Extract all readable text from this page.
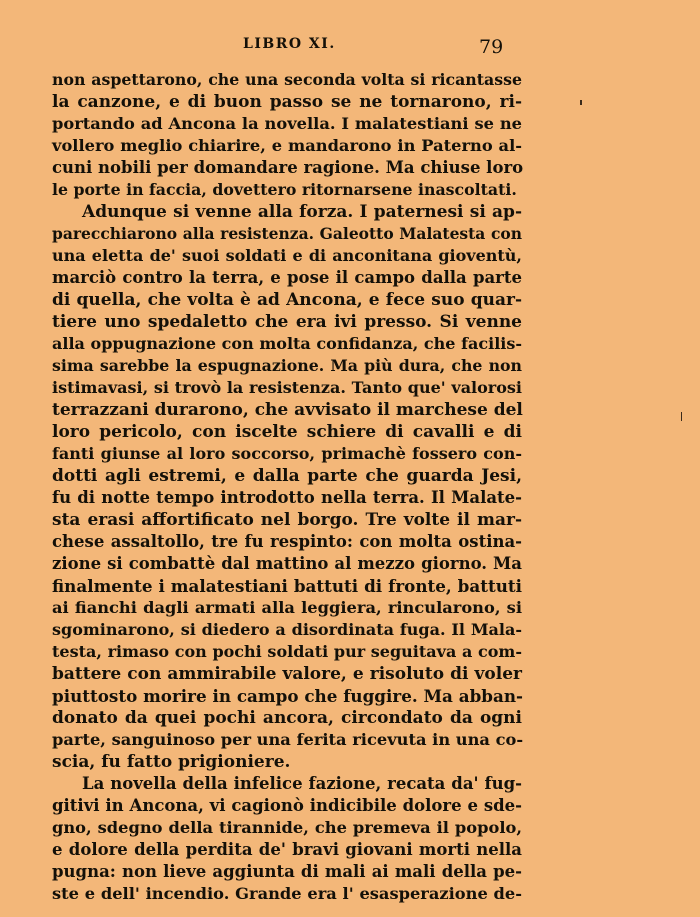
LIBRO XI.	79
non aspettarono, che una seconda volta si ricantasse
la canzone, e di buon passo se ne tornarono, ri-
portando ad Ancona la novella. I malatestiani se ne
vollero meglio chiarire, e mandarono in Paterno al-
cuni nobili per domandare ragione. Ma chiuse loro
le porte in faccia, dovettero ritornarsene inascoltati.
Adunque si venne alla forza. I paternesi si ap-
parecchiarono alla resistenza. Galeotto Malatesta con
una eletta de' suoi soldati e di anconitana gioventù,
marciò contro la terra, e pose il campo dalla parte
di quella, che volta è ad Ancona, e fece suo quar-
tiere uno spedaletto che era ivi presso. Si venne
alla oppugnazione con molta confidanza, che facilis-
sima sarebbe la espugnazione. Ma più dura, che non
istimavasi, si trovò la resistenza. Tanto que' valorosi
terrazzani durarono, che avvisato il marchese del
loro pericolo, con iscelte schiere di cavalli e di
fanti giunse al loro soccorso, primachè fossero con-
dotti agli estremi, e dalla parte che guarda Jesi,
fu di notte tempo introdotto nella terra. Il Malate-
sta erasi affortificato nel borgo. Tre volte il mar-
chese assaltollo, tre fu respinto: con molta ostina-
zione si combattè dal mattino al mezzo giorno. Ma
finalmente i malatestiani battuti di fronte, battuti
ai fianchi dagli armati alla leggiera, rincularono, si
sgominarono, si diedero a disordinata fuga. Il Mala-
testa, rimaso con pochi soldati pur seguitava a com-
battere con ammirabile valore, e risoluto di voler
piuttosto morire in campo che fuggire. Ma abban-
donato da quei pochi ancora, circondato da ogni
parte, sanguinoso per una ferita ricevuta in una co-
scia, fu fatto prigioniere.
La novella della infelice fazione, recata da' fug-
gitivi in Ancona, vi cagionò indicibile dolore e sde-
gno, sdegno della tirannide, che premeva il popolo,
e dolore della perdita de' bravi giovani morti nella
pugna: non lieve aggiunta di mali ai mali della pe-
ste e dell' incendio. Grande era l' esasperazione de-
